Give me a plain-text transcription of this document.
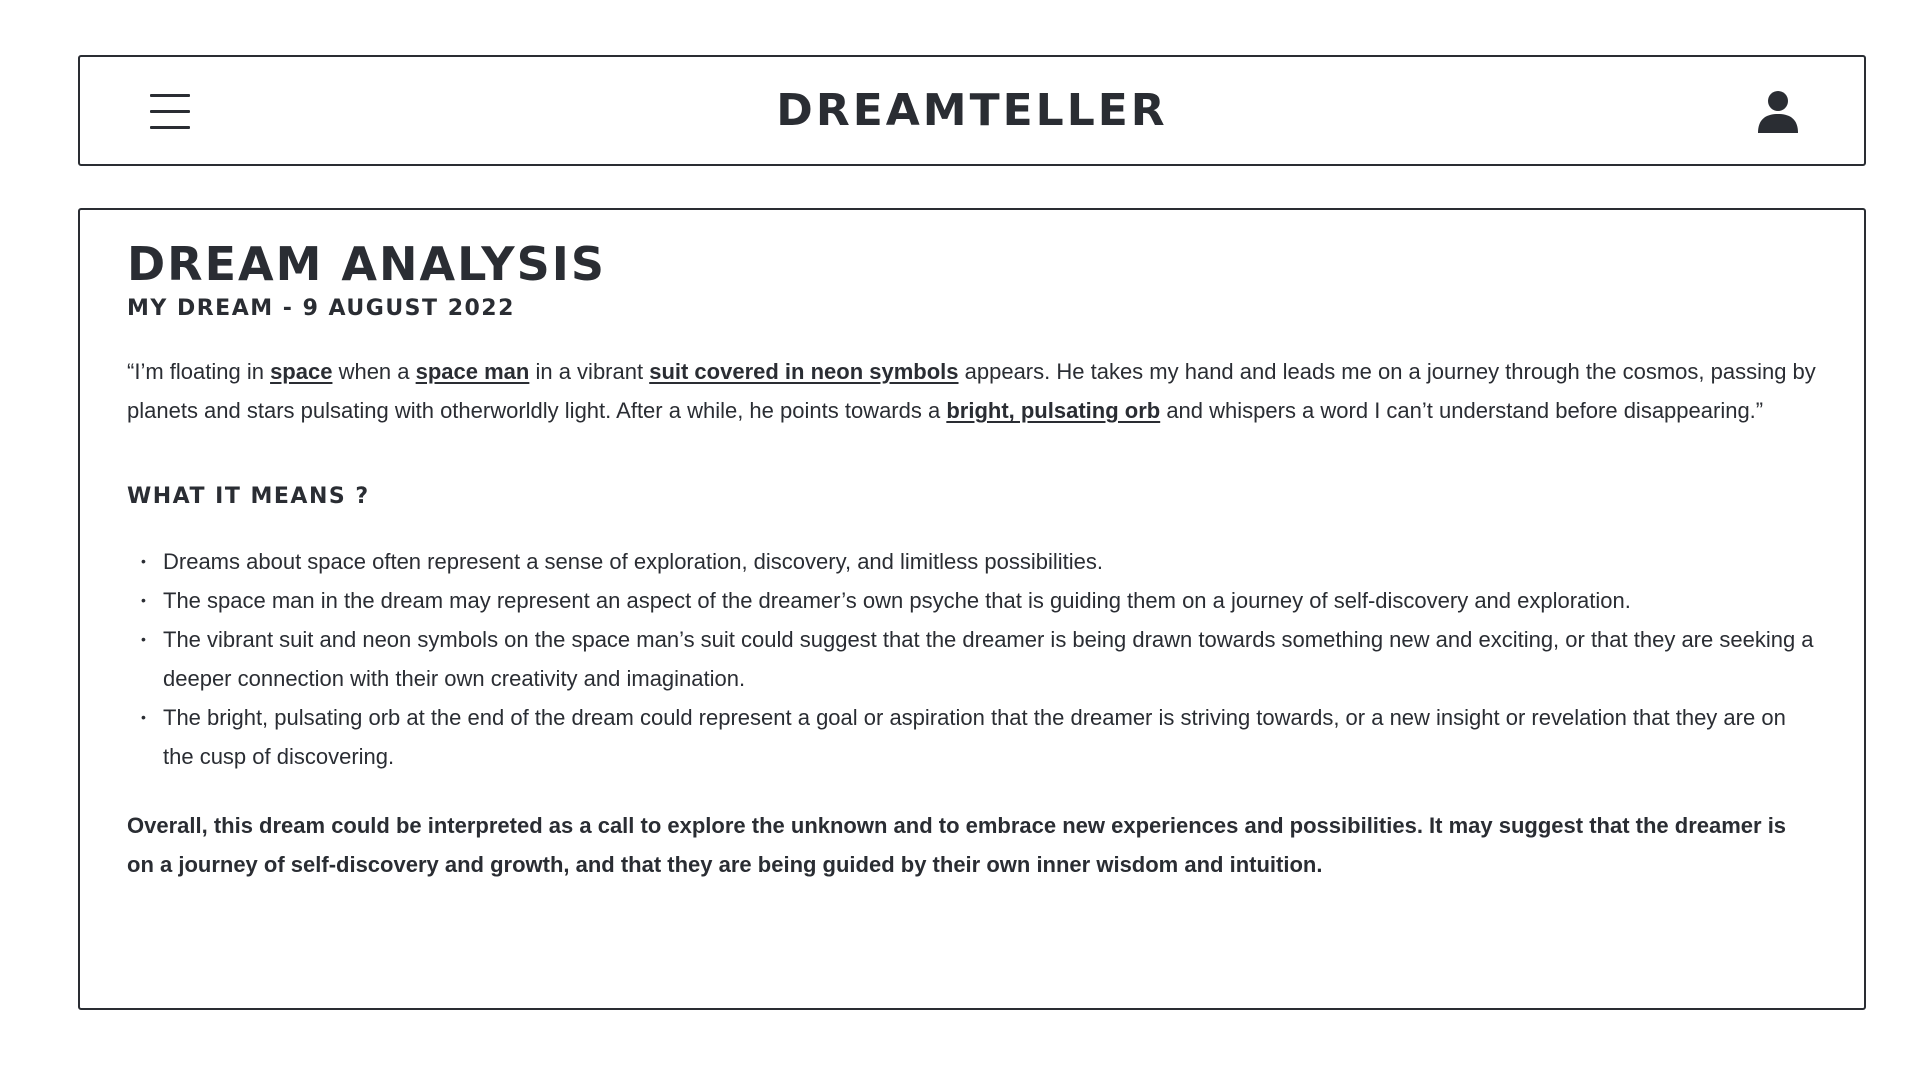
DREAMTELLER
DREAM ANALYSIS
MY DREAM - 9 AUGUST 2022

“I’m floating in space when a space man in a vibrant suit covered in neon symbols appears. He takes my hand and leads me on a journey through the cosmos, passing by planets and stars pulsating with otherworldly light. After a while, he points towards a bright, pulsating orb and whispers a word I can’t understand before disappearing.”

WHAT IT MEANS ?
• Dreams about space often represent a sense of exploration, discovery, and limitless possibilities.
• The space man in the dream may represent an aspect of the dreamer’s own psyche that is guiding them on a journey of self-discovery and exploration.
• The vibrant suit and neon symbols on the space man’s suit could suggest that the dreamer is being drawn towards something new and exciting, or that they are seeking a deeper connection with their own creativity and imagination.
• The bright, pulsating orb at the end of the dream could represent a goal or aspiration that the dreamer is striving towards, or a new insight or revelation that they are on the cusp of discovering.

Overall, this dream could be interpreted as a call to explore the unknown and to embrace new experiences and possibilities. It may suggest that the dreamer is on a journey of self-discovery and growth, and that they are being guided by their own inner wisdom and intuition.
